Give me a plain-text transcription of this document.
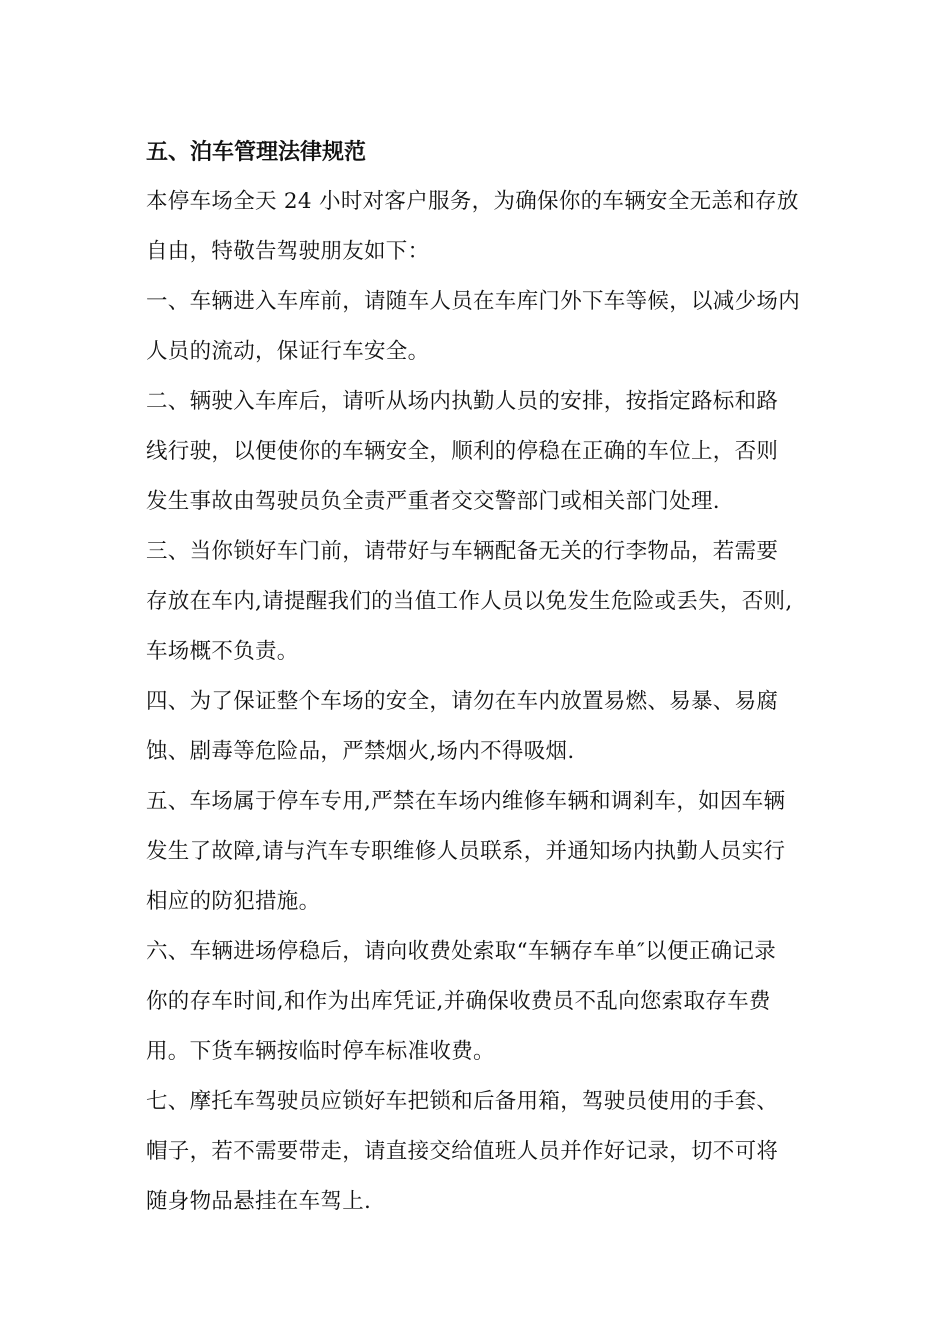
五、泊车管理法律规范
本停车场全天 24 小时对客户服务，为确保你的车辆安全无恙和存放
自由，特敬告驾驶朋友如下：
一、车辆进入车库前，请随车人员在车库门外下车等候，以减少场内
人员的流动，保证行车安全。
二、辆驶入车库后，请听从场内执勤人员的安排，按指定路标和路
线行驶，以便使你的车辆安全，顺利的停稳在正确的车位上，否则
发生事故由驾驶员负全责严重者交交警部门或相关部门处理.
三、当你锁好车门前，请带好与车辆配备无关的行李物品，若需要
存放在车内,请提醒我们的当值工作人员以免发生危险或丢失，否则,
车场概不负责。
四、为了保证整个车场的安全，请勿在车内放置易燃、易暴、易腐
蚀、剧毒等危险品，严禁烟火,场内不得吸烟.
五、车场属于停车专用,严禁在车场内维修车辆和调剎车，如因车辆
发生了故障,请与汽车专职维修人员联系，并通知场内执勤人员实行
相应的防犯措施。
六、车辆进场停稳后，请向收费处索取“车辆存车单″以便正确记录
你的存车时间,和作为出库凭证,并确保收费员不乱向您索取存车费
用。下货车辆按临时停车标准收费。
七、摩托车驾驶员应锁好车把锁和后备用箱，驾驶员使用的手套、
帽子，若不需要带走，请直接交给值班人员并作好记录，切不可将
随身物品悬挂在车驾上.
